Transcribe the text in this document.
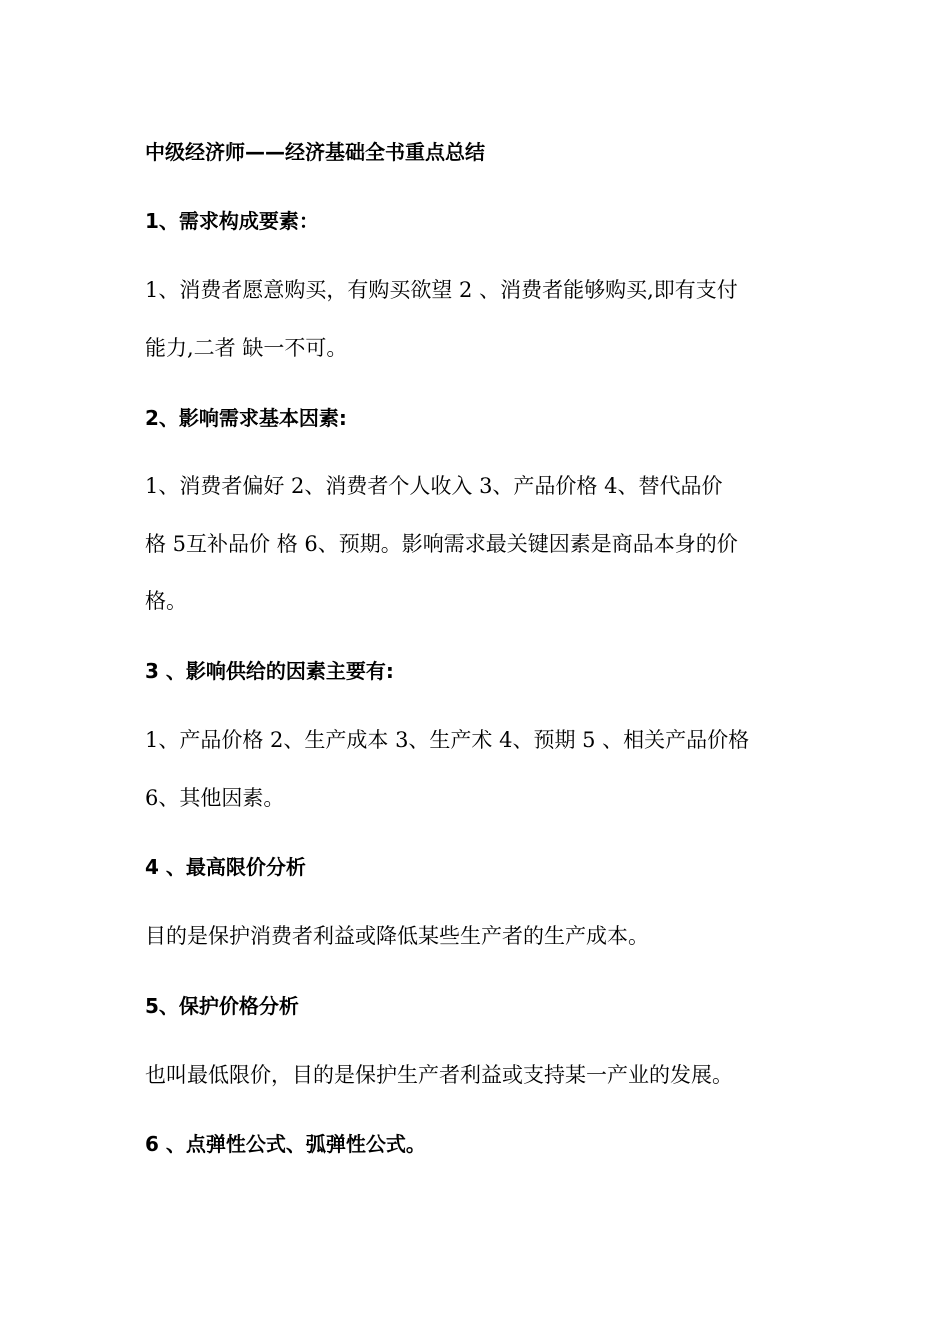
中级经济师——经济基础全书重点总结
1、需求构成要素：
1、消费者愿意购买，有购买欲望 2 、消费者能够购买,即有支付
能力,二者 缺一不可。
2、影响需求基本因素:
1、消费者偏好 2、消费者个人收入 3、产品价格 4、替代品价
格 5互补品价 格 6、预期。影响需求最关键因素是商品本身的价
格。
3 、影响供给的因素主要有:
1、产品价格 2、生产成本 3、生产术 4、预期 5 、相关产品价格
6、其他因素。
4 、最高限价分析
目的是保护消费者利益或降低某些生产者的生产成本。
5、保护价格分析
也叫最低限价，目的是保护生产者利益或支持某一产业的发展。
6 、点弹性公式、弧弹性公式。
